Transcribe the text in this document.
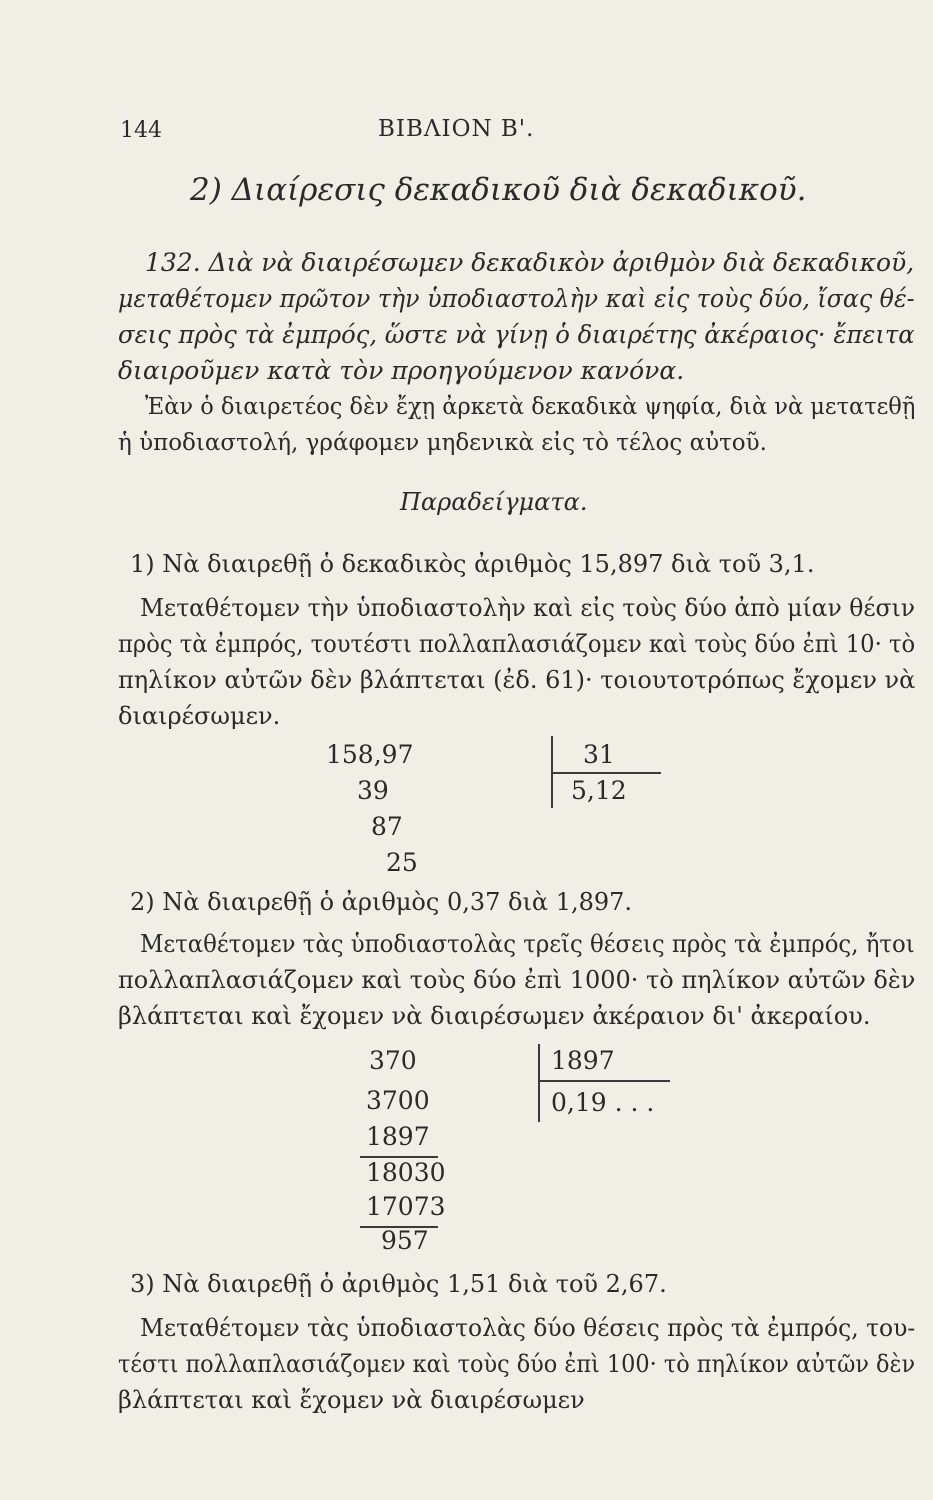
144	ΒΙΒΛΙΟΝ Β'.
2) Διαίρεσις δεκαδικοῦ διὰ δεκαδικοῦ.
132. Διὰ νὰ διαιρέσωμεν δεκαδικὸν ἀριθμὸν διὰ δεκαδικοῦ,
μεταθέτομεν πρῶτον τὴν ὑποδιαστολὴν καὶ εἰς τοὺς δύο, ἴσας θέ-
σεις πρὸς τὰ ἐμπρός, ὥστε νὰ γίνῃ ὁ διαιρέτης ἀκέραιος· ἔπειτα
διαιροῦμεν κατὰ τὸν προηγούμενον κανόνα.
Ἐὰν ὁ διαιρετέος δὲν ἔχῃ ἀρκετὰ δεκαδικὰ ψηφία, διὰ νὰ μετατεθῇ
ἡ ὑποδιαστολή, γράφομεν μηδενικὰ εἰς τὸ τέλος αὐτοῦ.
Παραδείγματα.
1) Νὰ διαιρεθῇ ὁ δεκαδικὸς ἀριθμὸς 15,897 διὰ τοῦ 3,1.
Μεταθέτομεν τὴν ὑποδιαστολὴν καὶ εἰς τοὺς δύο ἀπὸ μίαν θέσιν
πρὸς τὰ ἐμπρός, τουτέστι πολλαπλασιάζομεν καὶ τοὺς δύο ἐπὶ 10· τὸ
πηλίκον αὐτῶν δὲν βλάπτεται (ἐδ. 61)· τοιουτοτρόπως ἔχομεν νὰ
διαιρέσωμεν.
158,97
39
87
25
31
5,12
2) Νὰ διαιρεθῇ ὁ ἀριθμὸς 0,37 διὰ 1,897.
Μεταθέτομεν τὰς ὑποδιαστολὰς τρεῖς θέσεις πρὸς τὰ ἐμπρός, ἤτοι
πολλαπλασιάζομεν καὶ τοὺς δύο ἐπὶ 1000· τὸ πηλίκον αὐτῶν δὲν
βλάπτεται καὶ ἔχομεν νὰ διαιρέσωμεν ἀκέραιον δι' ἀκεραίου.
370
3700
1897
18030
17073
957
1897
0,19 . . .
3) Νὰ διαιρεθῇ ὁ ἀριθμὸς 1,51 διὰ τοῦ 2,67.
Μεταθέτομεν τὰς ὑποδιαστολὰς δύο θέσεις πρὸς τὰ ἐμπρός, του-
τέστι πολλαπλασιάζομεν καὶ τοὺς δύο ἐπὶ 100· τὸ πηλίκον αὐτῶν δὲν
βλάπτεται καὶ ἔχομεν νὰ διαιρέσωμεν
